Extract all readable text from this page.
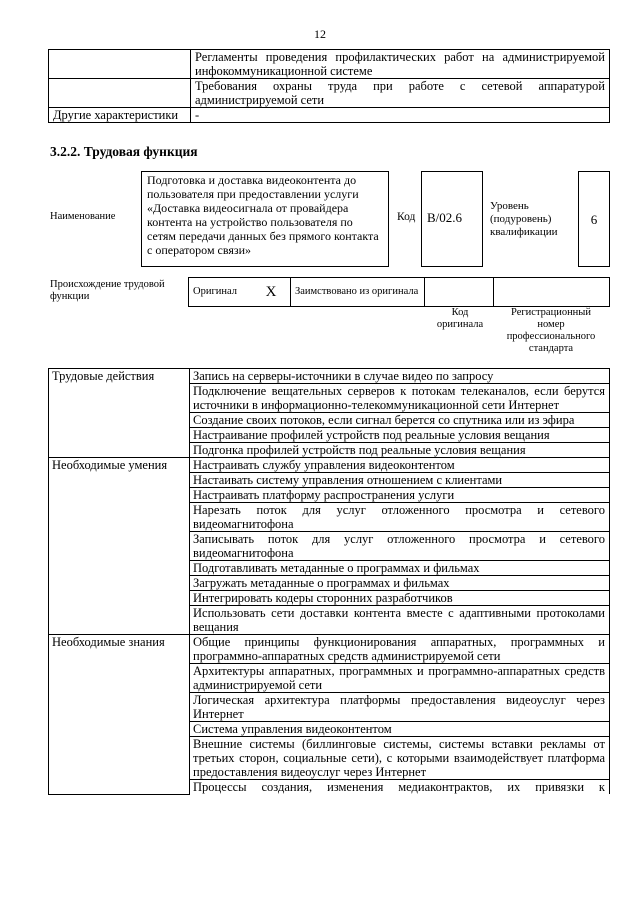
12
	Регламенты проведения профилактических работ на администрируемой инфокоммуникационной системе
	Требования охраны труда при работе с сетевой аппаратурой администрируемой сети
Другие характеристики	-
3.2.2. Трудовая функция
Наименование
Подготовка и доставка видеоконтента до пользователя при предоставлении услуги «Доставка видеосигнала от провайдера контента на устройство пользователя по сетям передачи данных без прямого контакта с оператором связи»
Код B/02.6
Уровень (подуровень) квалификации
6
Происхождение трудовой функции	Оригинал	X	Заимствовано из оригинала		
Код оригинала
Регистрационный номер профессионального стандарта
Трудовые действия	Запись на серверы-источники в случае видео по запросу
	Подключение вещательных серверов к потокам телеканалов, если берутся источники в информационно-телекоммуникационной сети Интернет
	Создание своих потоков, если сигнал берется со спутника или из эфира
	Настраивание профилей устройств под реальные условия вещания
	Подгонка профилей устройств под реальные условия вещания
Необходимые умения	Настраивать службу управления видеоконтентом
	Настаивать систему управления отношением с клиентами
	Настраивать платформу распространения услуги
	Нарезать поток для услуг отложенного просмотра и сетевого видеомагнитофона
	Записывать поток для услуг отложенного просмотра и сетевого видеомагнитофона
	Подготавливать метаданные о программах и фильмах
	Загружать метаданные о программах и фильмах
	Интегрировать кодеры сторонних разработчиков
	Использовать сети доставки контента вместе с адаптивными протоколами вещания
Необходимые знания	Общие принципы функционирования аппаратных, программных и программно-аппаратных средств администрируемой сети
	Архитектуры аппаратных, программных и программно-аппаратных средств администрируемой сети
	Логическая архитектура платформы предоставления видеоуслуг через Интернет
	Система управления видеоконтентом
	Внешние системы (биллинговые системы, системы вставки рекламы от третьих сторон, социальные сети), с которыми взаимодействует платформа предоставления видеоуслуг через Интернет
	Процессы создания, изменения медиаконтрактов, их привязки к
